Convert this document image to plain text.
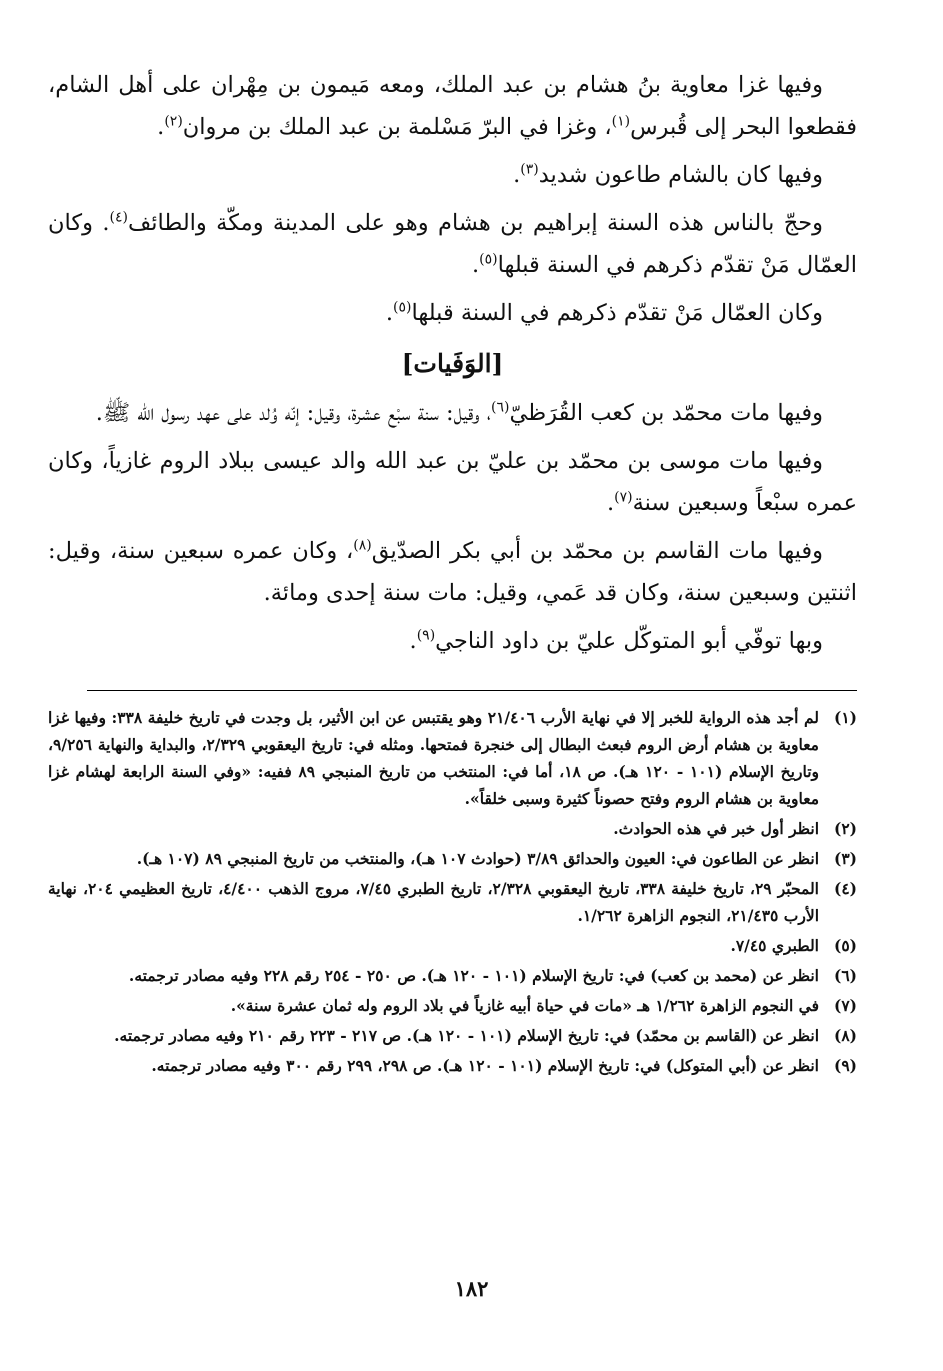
وفيها غزا معاوية بنُ هشام بن عبد الملك، ومعه مَيمون بن مِهْران على أهل الشام، فقطعوا البحر إلى قُبرس$^{(١)}$، وغزا في البرّ مَسْلمة بن عبد الملك بن مروان$^{(٢)}$.

وفيها كان بالشام طاعون شديد$^{(٣)}$.

وحجّ بالناس هذه السنة إبراهيم بن هشام وهو على المدينة ومكّة والطائف$^{(٤)}$. وكان العمّال مَنْ تقدّم ذكرهم في السنة قبلها$^{(٥)}$.

وكان العمّال مَنْ تقدّم ذكرهم في السنة قبلها$^{(٥)}$.

[الوَفَيات]

وفيها مات محمّد بن كعب القُرَظيّ$^{(٦)}$، وقيل: سنة سبْع عشرة، وقيل: إنّه وُلد على عهد رسول الله ﷺ.

وفيها مات موسى بن محمّد بن عليّ بن عبد الله والد عيسى ببلاد الروم غازياً، وكان عمره سبْعاً وسبعين سنة$^{(٧)}$.

وفيها مات القاسم بن محمّد بن أبي بكر الصدّيق$^{(٨)}$، وكان عمره سبعين سنة، وقيل: اثنتين وسبعين سنة، وكان قد عَمي، وقيل: مات سنة إحدى ومائة.

وبها توفّي أبو المتوكّل عليّ بن داود الناجي$^{(٩)}$.

(١)
لم أجد هذه الرواية للخبر إلا في نهاية الأرب ٢١/٤٠٦ وهو يقتبس عن ابن الأثير، بل وجدت في تاريخ خليفة ٣٣٨: وفيها غزا معاوية بن هشام أرض الروم فبعث البطال إلى خنجرة فمتحها. ومثله في: تاريخ اليعقوبي ٢/٣٢٩، والبداية والنهاية ٩/٢٥٦، وتاريخ الإسلام (١٠١ - ١٢٠ هـ). ص ١٨، أما في: المنتخب من تاريخ المنبجي ٨٩ ففيه: «وفي السنة الرابعة لهشام غزا معاوية بن هشام الروم وفتح حصوناً كثيرة وسبى خلقاً».
(٢)
انظر أول خبر في هذه الحوادث.
(٣)
انظر عن الطاعون في: العيون والحدائق ٣/٨٩ (حوادث ١٠٧ هـ)، والمنتخب من تاريخ المنبجي ٨٩ (١٠٧ هـ).
(٤)
المحبّر ٢٩، تاريخ خليفة ٣٣٨، تاريخ اليعقوبي ٢/٣٢٨، تاريخ الطبري ٧/٤٥، مروج الذهب ٤/٤٠٠، تاريخ العظيمي ٢٠٤، نهاية الأرب ٢١/٤٣٥، النجوم الزاهرة ١/٢٦٢.
(٥)
الطبري ٧/٤٥.
(٦)
انظر عن (محمد بن كعب) في: تاريخ الإسلام (١٠١ - ١٢٠ هـ). ص ٢٥٠ - ٢٥٤ رقم ٢٢٨ وفيه مصادر ترجمته.
(٧)
في النجوم الزاهرة ١/٢٦٢ هـ «مات في حياة أبيه غازياً في بلاد الروم وله ثمان عشرة سنة».
(٨)
انظر عن (القاسم بن محمّد) في: تاريخ الإسلام (١٠١ - ١٢٠ هـ). ص ٢١٧ - ٢٢٣ رقم ٢١٠ وفيه مصادر ترجمته.
(٩)
انظر عن (أبي المتوكل) في: تاريخ الإسلام (١٠١ - ١٢٠ هـ). ص ٢٩٨، ٢٩٩ رقم ٣٠٠ وفيه مصادر ترجمته.
١٨٢
